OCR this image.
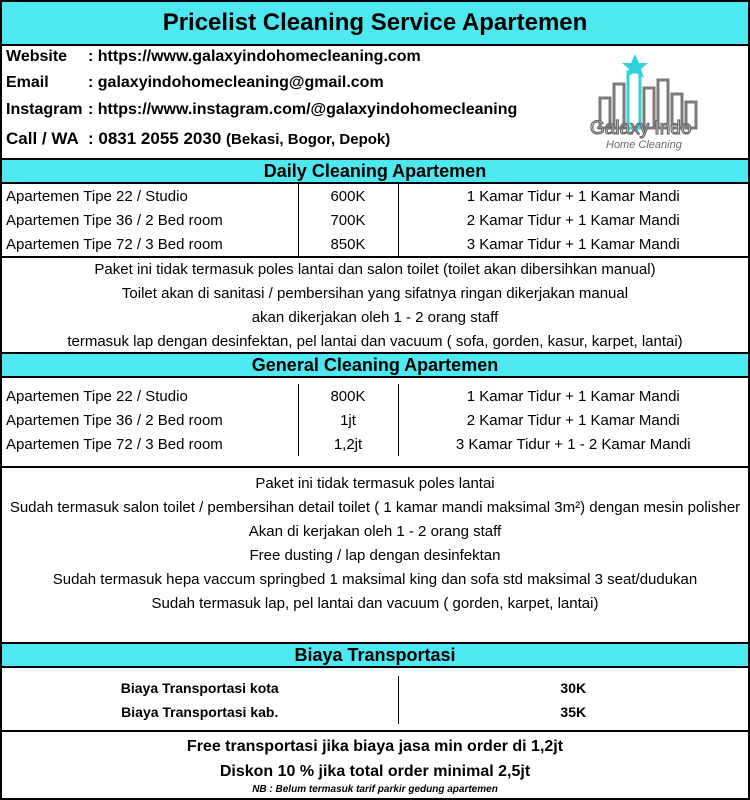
Pricelist Cleaning Service Apartemen
Website : https://www.galaxyindohomecleaning.com
Email : galaxyindohomecleaning@gmail.com
Instagram : https://www.instagram.com/@galaxyindohomecleaning
Call / WA : 0831 2055 2030 (Bekasi, Bogor, Depok)
Galaxy Indo
Home Cleaning
Daily Cleaning Apartemen
Apartemen Tipe 22 / Studio	600K	1 Kamar Tidur + 1 Kamar Mandi
Apartemen Tipe 36 / 2 Bed room	700K	2 Kamar Tidur + 1 Kamar Mandi
Apartemen Tipe 72 / 3 Bed room	850K	3 Kamar Tidur + 1 Kamar Mandi
Paket ini tidak termasuk poles lantai dan salon toilet (toilet akan dibersihkan manual)
Toilet akan di sanitasi / pembersihan yang sifatnya ringan dikerjakan manual
akan dikerjakan oleh 1 - 2 orang staff
termasuk lap dengan desinfektan, pel lantai dan vacuum ( sofa, gorden, kasur, karpet, lantai)
General Cleaning Apartemen
Apartemen Tipe 22 / Studio	800K	1 Kamar Tidur + 1 Kamar Mandi
Apartemen Tipe 36 / 2 Bed room	1jt	2 Kamar Tidur + 1 Kamar Mandi
Apartemen Tipe 72 / 3 Bed room	1,2jt	3 Kamar Tidur + 1 - 2 Kamar Mandi
Paket ini tidak termasuk poles lantai
Sudah termasuk salon toilet / pembersihan detail toilet ( 1 kamar mandi maksimal 3m²) dengan mesin polisher
Akan di kerjakan oleh 1 - 2 orang staff
Free dusting / lap dengan desinfektan
Sudah termasuk hepa vaccum springbed 1 maksimal king dan sofa std maksimal 3 seat/dudukan
Sudah termasuk lap, pel lantai dan vacuum ( gorden, karpet, lantai)
Biaya Transportasi
Biaya Transportasi kota	30K
Biaya Transportasi kab.	35K
Free transportasi jika biaya jasa min order di 1,2jt
Diskon 10 % jika total order minimal 2,5jt
NB : Belum termasuk tarif parkir gedung apartemen
